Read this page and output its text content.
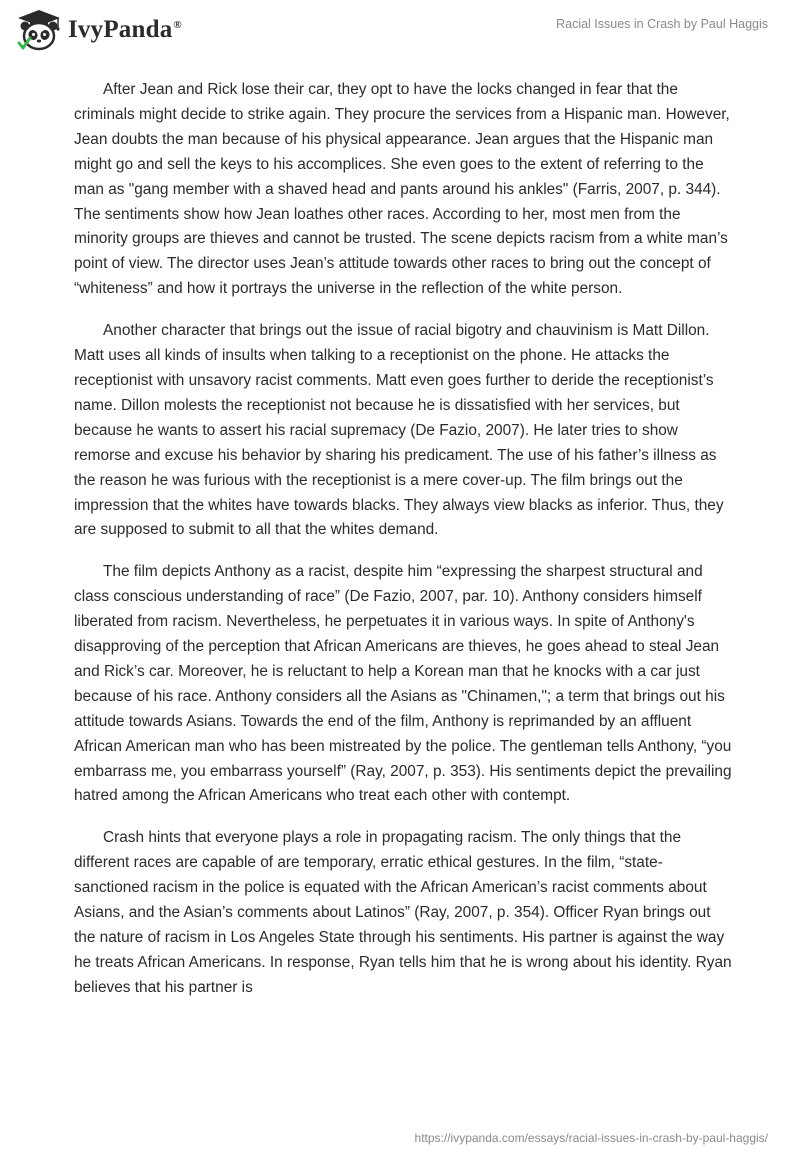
IvyPanda®	Racial Issues in Crash by Paul Haggis

After Jean and Rick lose their car, they opt to have the locks changed in fear that the criminals might decide to strike again. They procure the services from a Hispanic man. However, Jean doubts the man because of his physical appearance. Jean argues that the Hispanic man might go and sell the keys to his accomplices. She even goes to the extent of referring to the man as "gang member with a shaved head and pants around his ankles" (Farris, 2007, p. 344). The sentiments show how Jean loathes other races. According to her, most men from the minority groups are thieves and cannot be trusted. The scene depicts racism from a white man’s point of view. The director uses Jean’s attitude towards other races to bring out the concept of “whiteness” and how it portrays the universe in the reflection of the white person.

Another character that brings out the issue of racial bigotry and chauvinism is Matt Dillon. Matt uses all kinds of insults when talking to a receptionist on the phone. He attacks the receptionist with unsavory racist comments. Matt even goes further to deride the receptionist’s name. Dillon molests the receptionist not because he is dissatisfied with her services, but because he wants to assert his racial supremacy (De Fazio, 2007). He later tries to show remorse and excuse his behavior by sharing his predicament. The use of his father’s illness as the reason he was furious with the receptionist is a mere cover-up. The film brings out the impression that the whites have towards blacks. They always view blacks as inferior. Thus, they are supposed to submit to all that the whites demand.

The film depicts Anthony as a racist, despite him “expressing the sharpest structural and class conscious understanding of race” (De Fazio, 2007, par. 10). Anthony considers himself liberated from racism. Nevertheless, he perpetuates it in various ways. In spite of Anthony's disapproving of the perception that African Americans are thieves, he goes ahead to steal Jean and Rick’s car. Moreover, he is reluctant to help a Korean man that he knocks with a car just because of his race. Anthony considers all the Asians as "Chinamen,"; a term that brings out his attitude towards Asians. Towards the end of the film, Anthony is reprimanded by an affluent African American man who has been mistreated by the police. The gentleman tells Anthony, “you embarrass me, you embarrass yourself” (Ray, 2007, p. 353). His sentiments depict the prevailing hatred among the African Americans who treat each other with contempt.

Crash hints that everyone plays a role in propagating racism. The only things that the different races are capable of are temporary, erratic ethical gestures. In the film, “state-sanctioned racism in the police is equated with the African American’s racist comments about Asians, and the Asian’s comments about Latinos” (Ray, 2007, p. 354). Officer Ryan brings out the nature of racism in Los Angeles State through his sentiments. His partner is against the way he treats African Americans. In response, Ryan tells him that he is wrong about his identity. Ryan believes that his partner is

https://ivypanda.com/essays/racial-issues-in-crash-by-paul-haggis/
